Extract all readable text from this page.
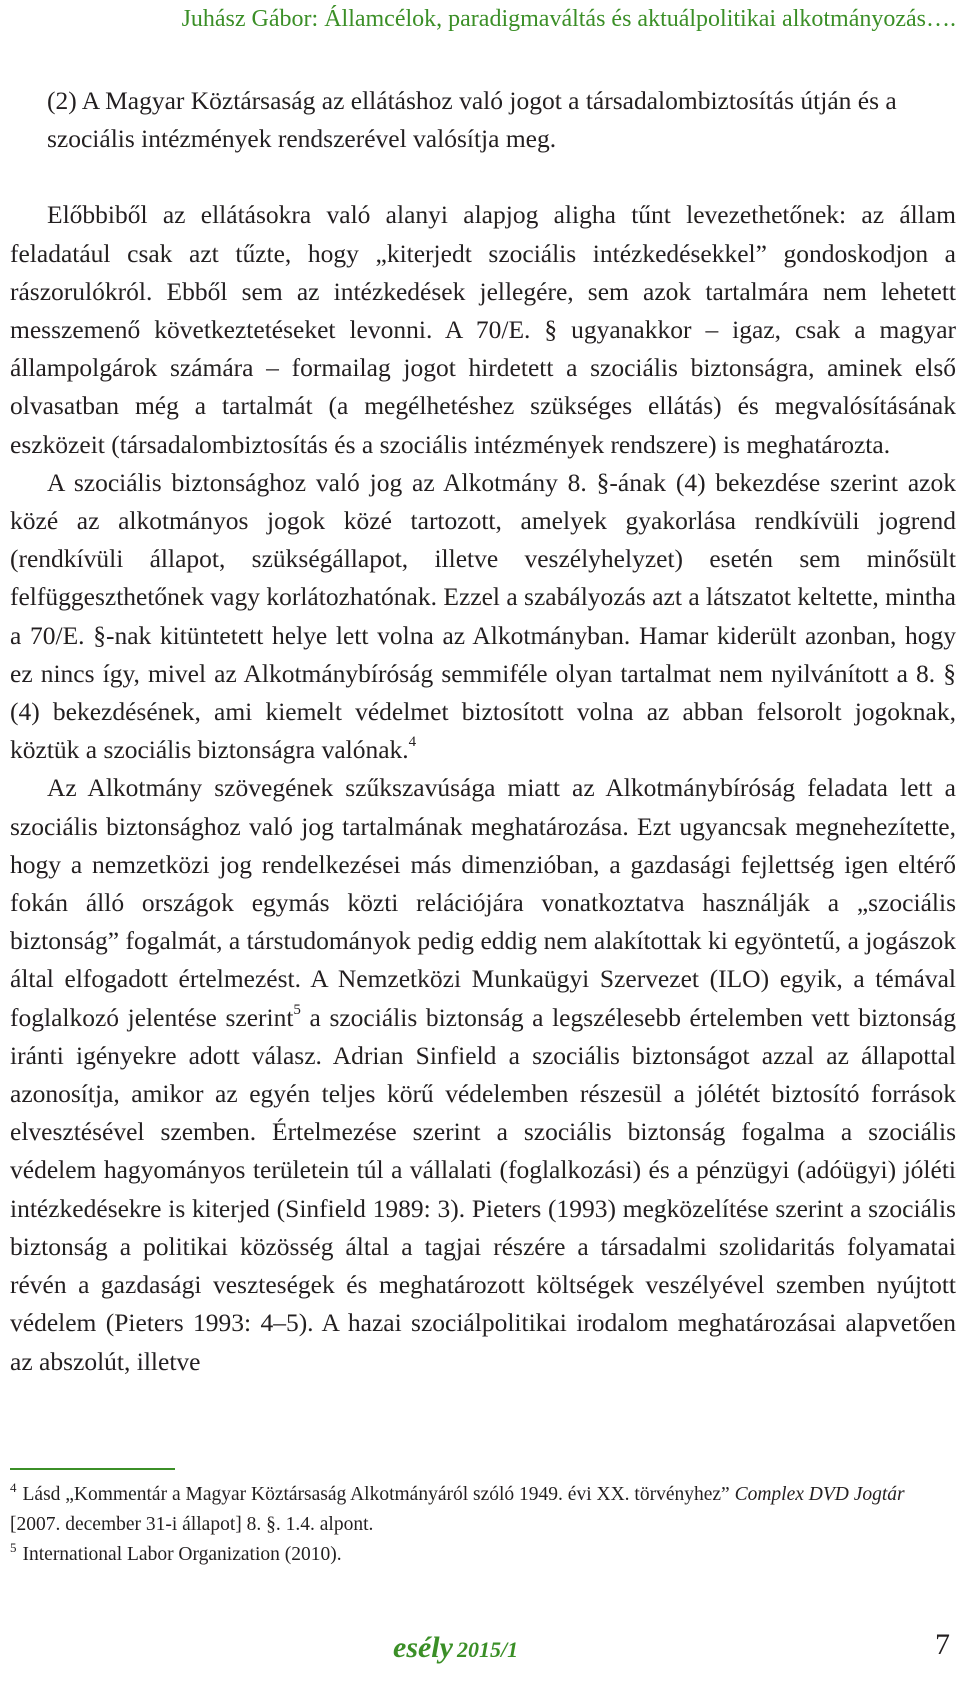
Juhász Gábor: Államcélok, paradigmaváltás és aktuálpolitikai alkotmányozás….

(2) A Magyar Köztársaság az ellátáshoz való jogot a társadalombiztosítás útján és a szociális intézmények rendszerével valósítja meg.

Előbbiből az ellátásokra való alanyi alapjog aligha tűnt levezethetőnek: az állam feladatául csak azt tűzte, hogy „kiterjedt szociális intézkedésekkel” gondoskodjon a rászorulókról. Ebből sem az intézkedések jellegére, sem azok tartalmára nem lehetett messzemenő következtetéseket levonni. A 70/E. § ugyanakkor – igaz, csak a magyar állampolgárok számára – formailag jogot hirdetett a szociális biztonságra, aminek első olvasatban még a tartalmát (a megélhetéshez szükséges ellátás) és megvalósításának eszközeit (társadalombiztosítás és a szociális intézmények rendszere) is meghatározta.

A szociális biztonsághoz való jog az Alkotmány 8. §-ának (4) bekezdése szerint azok közé az alkotmányos jogok közé tartozott, amelyek gyakorlása rendkívüli jogrend (rendkívüli állapot, szükségállapot, illetve veszélyhelyzet) esetén sem minősült felfüggeszthetőnek vagy korlátozhatónak. Ezzel a szabályozás azt a látszatot keltette, mintha a 70/E. §-nak kitüntetett helye lett volna az Alkotmányban. Hamar kiderült azonban, hogy ez nincs így, mivel az Alkotmánybíróság semmiféle olyan tartalmat nem nyilvánított a 8. § (4) bekezdésének, ami kiemelt védelmet biztosított volna az abban felsorolt jogoknak, köztük a szociális biztonságra valónak.$^4$

Az Alkotmány szövegének szűkszavúsága miatt az Alkotmánybíróság feladata lett a szociális biztonsághoz való jog tartalmának meghatározása. Ezt ugyancsak megnehezítette, hogy a nemzetközi jog rendelkezései más dimenzióban, a gazdasági fejlettség igen eltérő fokán álló országok egymás közti relációjára vonatkoztatva használják a „szociális biztonság” fogalmát, a társtudományok pedig eddig nem alakítottak ki egyöntetű, a jogászok által elfogadott értelmezést. A Nemzetközi Munkaügyi Szervezet (ILO) egyik, a témával foglalkozó jelentése szerint$^5$ a szociális biztonság a legszélesebb értelemben vett biztonság iránti igényekre adott válasz. Adrian Sinfield a szociális biztonságot azzal az állapottal azonosítja, amikor az egyén teljes körű védelemben részesül a jólétét biztosító források elvesztésével szemben. Értelmezése szerint a szociális biztonság fogalma a szociális védelem hagyományos területein túl a vállalati (foglalkozási) és a pénzügyi (adóügyi) jóléti intézkedésekre is kiterjed (Sinfield 1989: 3). Pieters (1993) megközelítése szerint a szociális biztonság a politikai közösség által a tagjai részére a társadalmi szolidaritás folyamatai révén a gazdasági veszteségek és meghatározott költségek veszélyével szemben nyújtott védelem (Pieters 1993: 4–5). A hazai szociálpolitikai irodalom meghatározásai alapvetően az abszolút, illetve

$^4$ Lásd „Kommentár a Magyar Köztársaság Alkotmányáról szóló 1949. évi XX. törvényhez” Complex DVD Jogtár [2007. december 31-i állapot] 8. §. 1.4. alpont.

$^5$ International Labor Organization (2010).

esély 2015/1	7
